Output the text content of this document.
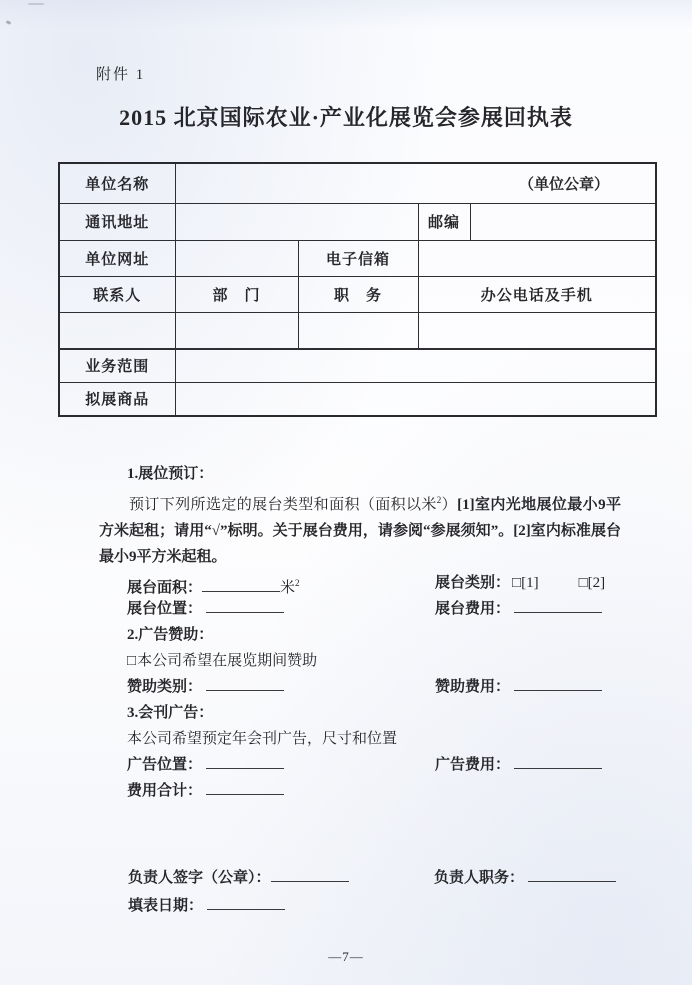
附件 1
2015 北京国际农业·产业化展览会参展回执表
单位名称	（单位公章）			
通讯地址			邮编	
单位网址		电子信箱		
联系人	部　门	职　务	办公电话及手机	

业务范围				
拟展商品				
1.展位预订：

预订下列所选定的展台类型和面积（面积以米$^2$）[1]室内光地展位最小9平方米起租；请用“√”标明。关于展台费用，请参阅“参展须知”。[2]室内标准展台最小9平方米起租。

展台面积：	米$^2$	展台类别： □[1]	□[2]
展台位置：	展台费用：
2.广告赞助：
□本公司希望在展览期间赞助
赞助类别：	赞助费用：
3.会刊广告：
本公司希望预定年会刊广告，尺寸和位置
广告位置：	广告费用：
费用合计：
负责人签字（公章）：	负责人职务：
填表日期：
—7—
